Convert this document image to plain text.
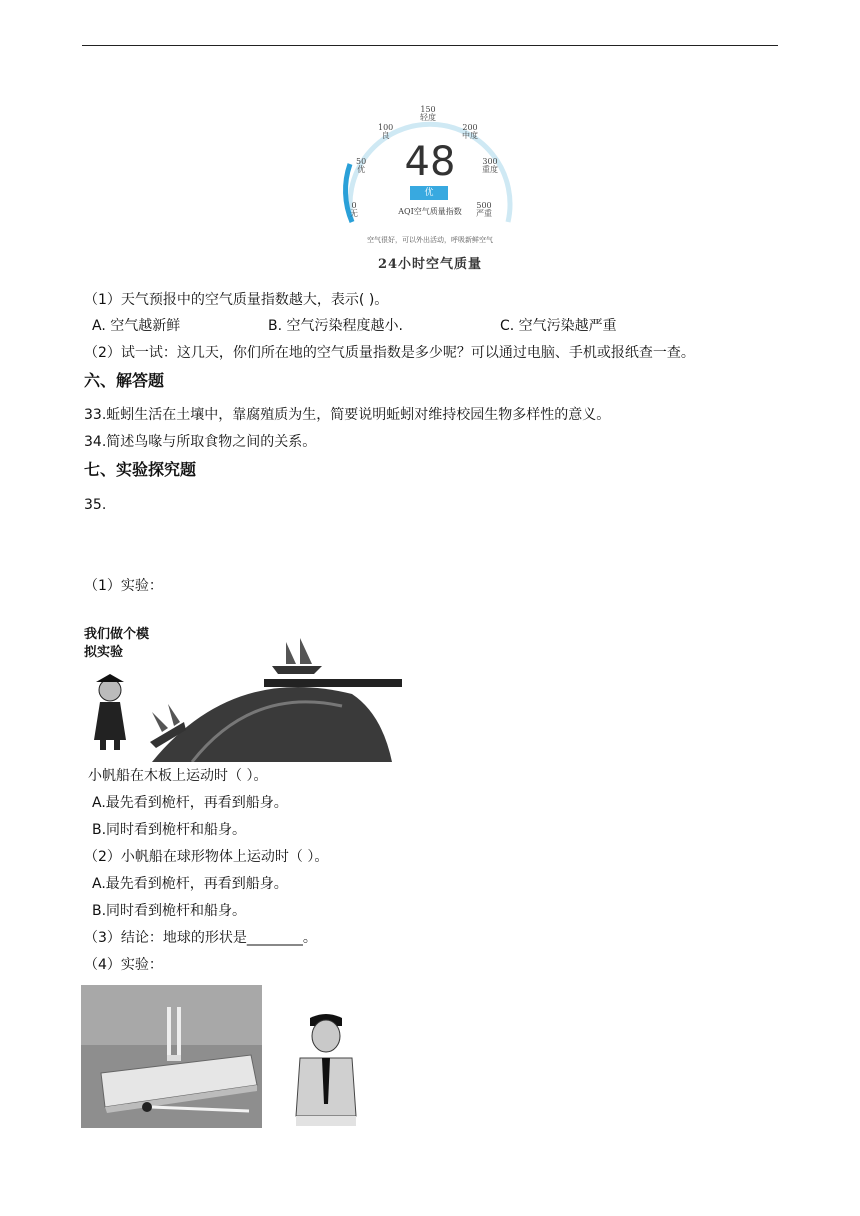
0
无
50
优
100
良
150
轻度
200
中度
300
重度
500
严重
48
优
AQI空气质量指数
空气很好，可以外出活动，呼吸新鲜空气
24小时空气质量
（1）天气预报中的空气质量指数越大，表示( )。
A. 空气越新鲜	B. 空气污染程度越小.	C. 空气污染越严重
（2）试一试：这几天，你们所在地的空气质量指数是多少呢？可以通过电脑、手机或报纸查一查。
六、解答题
33.蚯蚓生活在土壤中，靠腐殖质为生，简要说明蚯蚓对维持校园生物多样性的意义。
34.简述鸟喙与所取食物之间的关系。
七、实验探究题
35.
（1）实验：
我们做个模拟实验
小帆船在木板上运动时（ ）。
A.最先看到桅杆，再看到船身。
B.同时看到桅杆和船身。
（2）小帆船在球形物体上运动时（ ）。
A.最先看到桅杆，再看到船身。
B.同时看到桅杆和船身。
（3）结论：地球的形状是________。
（4）实验：
